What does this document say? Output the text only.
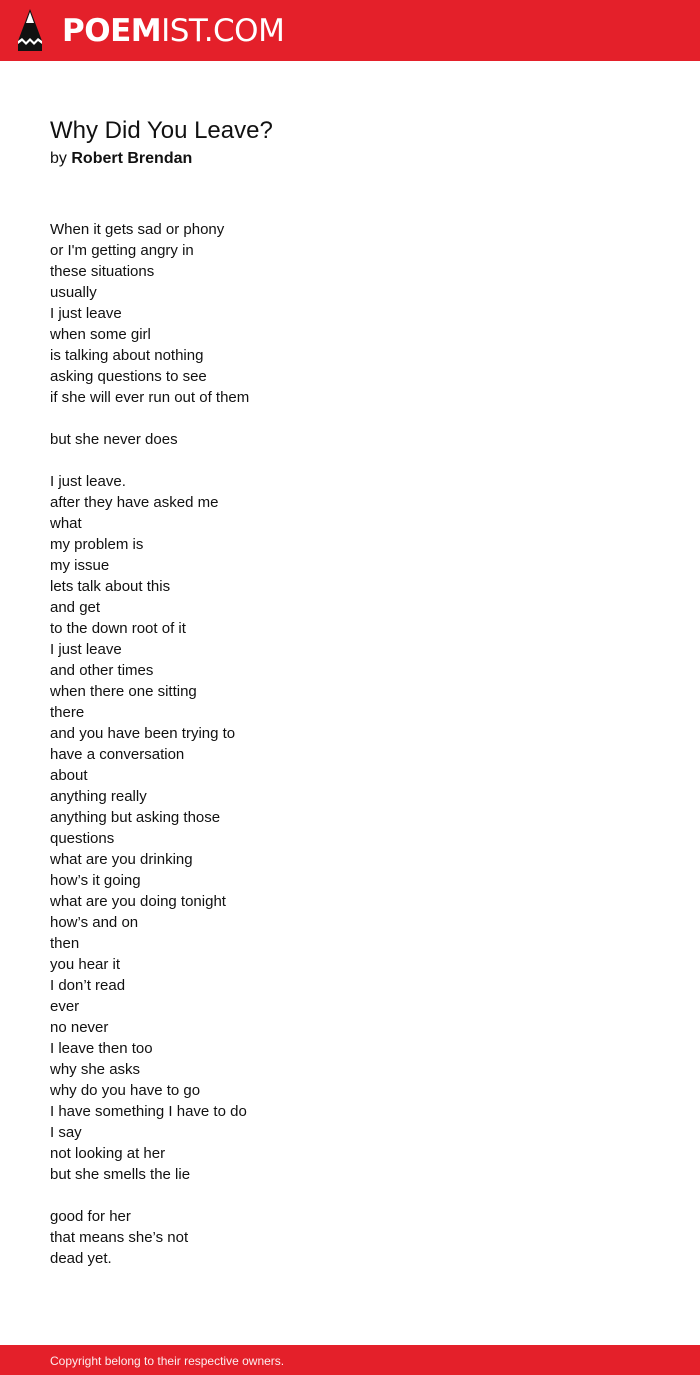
POEMIST.COM
Why Did You Leave?
by Robert Brendan
When it gets sad or phony
or I'm getting angry in
these situations
usually
I just leave
when some girl
is talking about nothing
asking questions to see
if she will ever run out of them
but she never does
I just leave.
after they have asked me
what
my problem is
my issue
lets talk about this
and get
to the down root of it
I just leave
and other times
when there one sitting
there
and you have been trying to
have a conversation
about
anything really
anything but asking those
questions
what are you drinking
how’s it going
what are you doing tonight
how’s and on
then
you hear it
I don’t read
ever
no never
I leave then too
why she asks
why do you have to go
I have something I have to do
I say
not looking at her
but she smells the lie
good for her
that means she’s not
dead yet.
Copyright belong to their respective owners.
